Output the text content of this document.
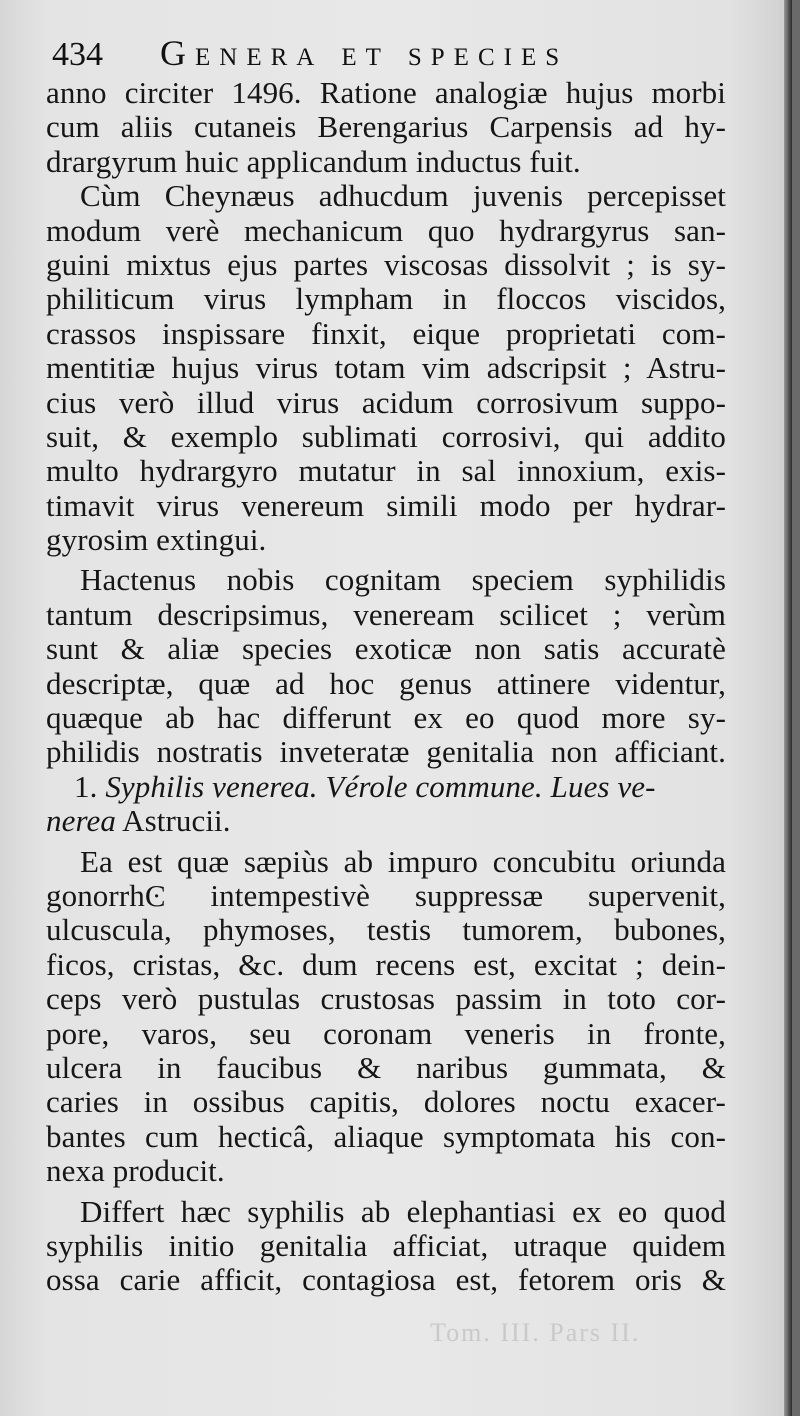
434 Genera et species
anno circiter 1496. Ratione analogiæ hujus morbi
cum aliis cutaneis Berengarius Carpensis ad hy-
drargyrum huic applicandum inductus fuit.
Cùm Cheynæus adhucdum juvenis percepisset
modum verè mechanicum quo hydrargyrus san-
guini mixtus ejus partes viscosas dissolvit ; is sy-
philiticum virus lympham in floccos viscidos,
crassos inspissare finxit, eique proprietati com-
mentitiæ hujus virus totam vim adscripsit ; Astru-
cius verò illud virus acidum corrosivum suppo-
suit, & exemplo sublimati corrosivi, qui addito
multo hydrargyro mutatur in sal innoxium, exis-
timavit virus venereum simili modo per hydrar-
gyrosim extingui.
Hactenus nobis cognitam speciem syphilidis
tantum descripsimus, veneream scilicet ; verùm
sunt & aliæ species exoticæ non satis accuratè
descriptæ, quæ ad hoc genus attinere videntur,
quæque ab hac differunt ex eo quod more sy-
philidis nostratis inveteratæ genitalia non afficiant.
1. Syphilis venerea. Vérole commune. Lues ve-
nerea Astrucii.
Ea est quæ sæpiùs ab impuro concubitu oriunda
gonorrhϾ intempestivè suppressæ supervenit,
ulcuscula, phymoses, testis tumorem, bubones,
ficos, cristas, &c. dum recens est, excitat ; dein-
ceps verò pustulas crustosas passim in toto cor-
pore, varos, seu coronam veneris in fronte,
ulcera in faucibus & naribus gummata, &
caries in ossibus capitis, dolores noctu exacer-
bantes cum hecticâ, aliaque symptomata his con-
nexa producit.
Differt hæc syphilis ab elephantiasi ex eo quod
syphilis initio genitalia afficiat, utraque quidem
ossa carie afficit, contagiosa est, fetorem oris &
Tom. III. Pars II.
